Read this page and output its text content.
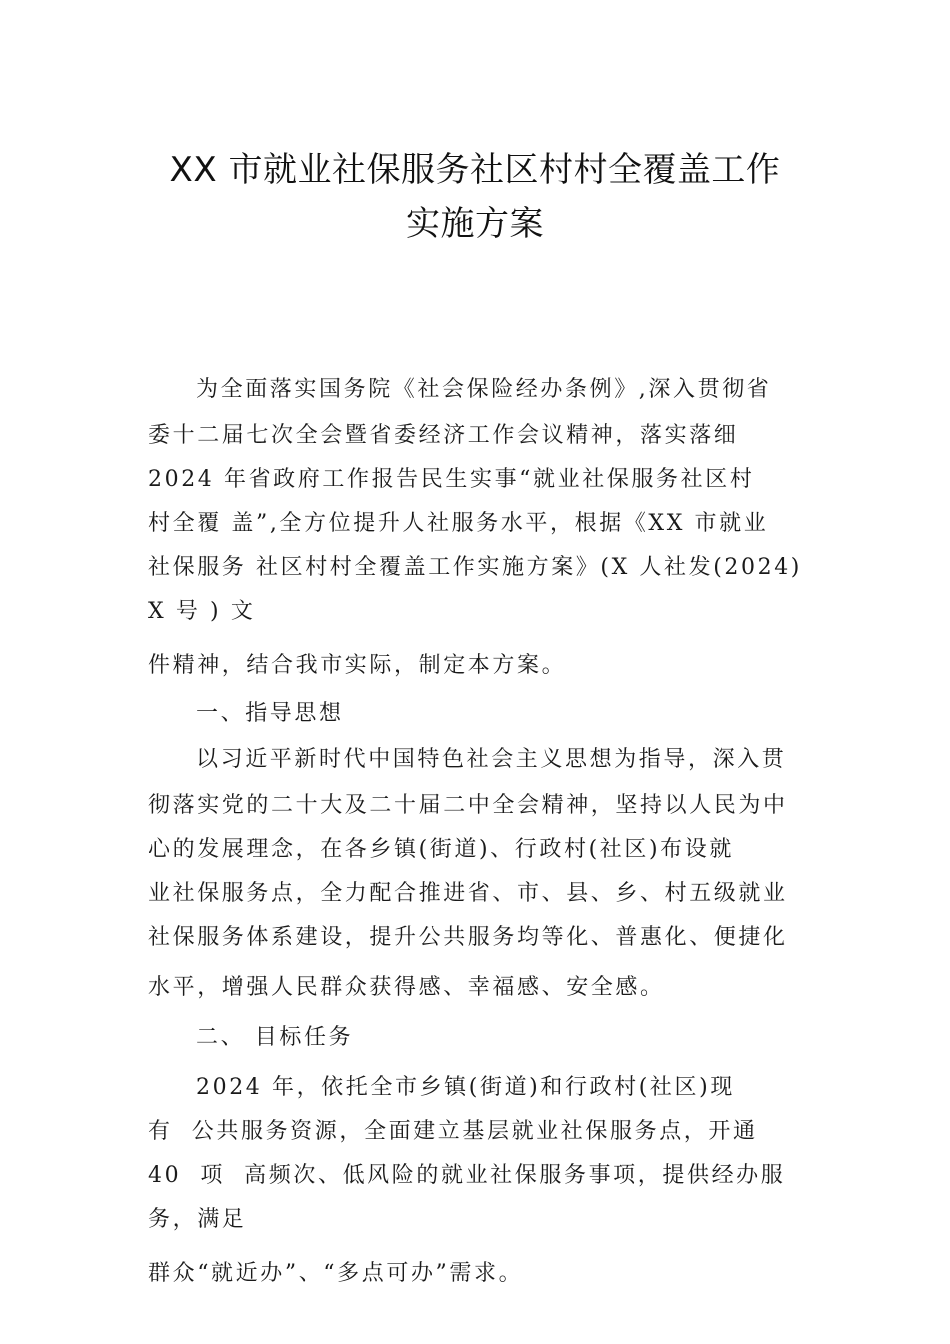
XX 市就业社保服务社区村村全覆盖工作
实施方案
为全面落实国务院《社会保险经办条例》,深入贯彻省
委十二届七次全会暨省委经济工作会议精神，落实落细
2024 年省政府工作报告民生实事“就业社保服务社区村
村全覆 盖”,全方位提升人社服务水平，根据《XX 市就业
社保服务 社区村村全覆盖工作实施方案》(X 人社发(2024)
X 号 ) 文
件精神，结合我市实际，制定本方案。
一、指导思想
以习近平新时代中国特色社会主义思想为指导，深入贯
彻落实党的二十大及二十届二中全会精神，坚持以人民为中
心的发展理念，在各乡镇(街道)、行政村(社区)布设就
业社保服务点，全力配合推进省、市、县、乡、村五级就业
社保服务体系建设，提升公共服务均等化、普惠化、便捷化
水平，增强人民群众获得感、幸福感、安全感。
二、 目标任务
2024 年，依托全市乡镇(街道)和行政村(社区)现
有  公共服务资源，全面建立基层就业社保服务点，开通
40  项  高频次、低风险的就业社保服务事项，提供经办服
务，满足
群众“就近办”、“多点可办”需求。
